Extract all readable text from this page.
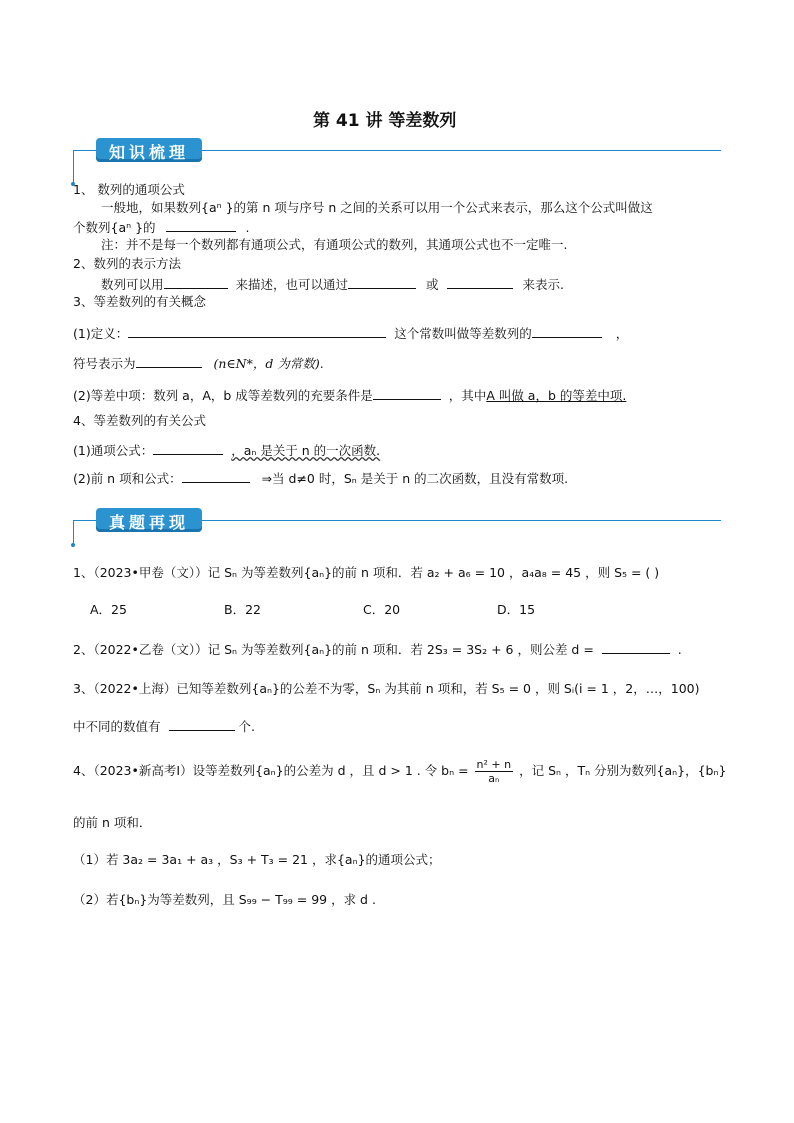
第 41 讲 等差数列
知识梳理
1、 数列的通项公式
一般地，如果数列{aⁿ }的第 n 项与序号 n 之间的关系可以用一个公式来表示，那么这个公式叫做这
个数列{aⁿ }的	.
注：并不是每一个数列都有通项公式，有通项公式的数列，其通项公式也不一定唯一.
2、数列的表示方法
数列可以用	来描述，也可以通过	或	来表示.
3、等差数列的有关概念
(1)定义：	这个常数叫做等差数列的	，
符号表示为	(n∈N*，d 为常数).
(2)等差中项：数列 a，A，b 成等差数列的充要条件是	，其中A 叫做 a，b 的等差中项.
4、等差数列的有关公式
(1)通项公式：	，aₙ 是关于 n 的一次函数.
(2)前 n 项和公式：	⇒当 d≠0 时，Sₙ 是关于 n 的二次函数，且没有常数项.
真题再现
1、（2023•甲卷（文））记 Sₙ 为等差数列{aₙ}的前 n 项和．若 a₂ + a₆ = 10 ，a₄a₈ = 45 ，则 S₅ = ( )
A．25	B．22	C．20	D．15
2、（2022•乙卷（文））记 Sₙ 为等差数列{aₙ}的前 n 项和．若 2S₃ = 3S₂ + 6 ，则公差 d =	.
3、（2022•上海）已知等差数列{aₙ}的公差不为零，Sₙ 为其前 n 项和，若 S₅ = 0 ，则 Sᵢ(i = 1 ，2，…，100)
中不同的数值有	个.
4、（2023•新高考Ⅰ）设等差数列{aₙ}的公差为 d ，且 d > 1 . 令 $b_n = \frac{\text{n² + n}}{\text{aₙ}}$ ，记 Sₙ ，Tₙ 分别为数列{aₙ}，{bₙ}
的前 n 项和．
（1）若 3a₂ = 3a₁ + a₃ ，S₃ + T₃ = 21 ，求{aₙ}的通项公式；
（2）若{bₙ}为等差数列，且 S₉₉ − T₉₉ = 99 ，求 d .
